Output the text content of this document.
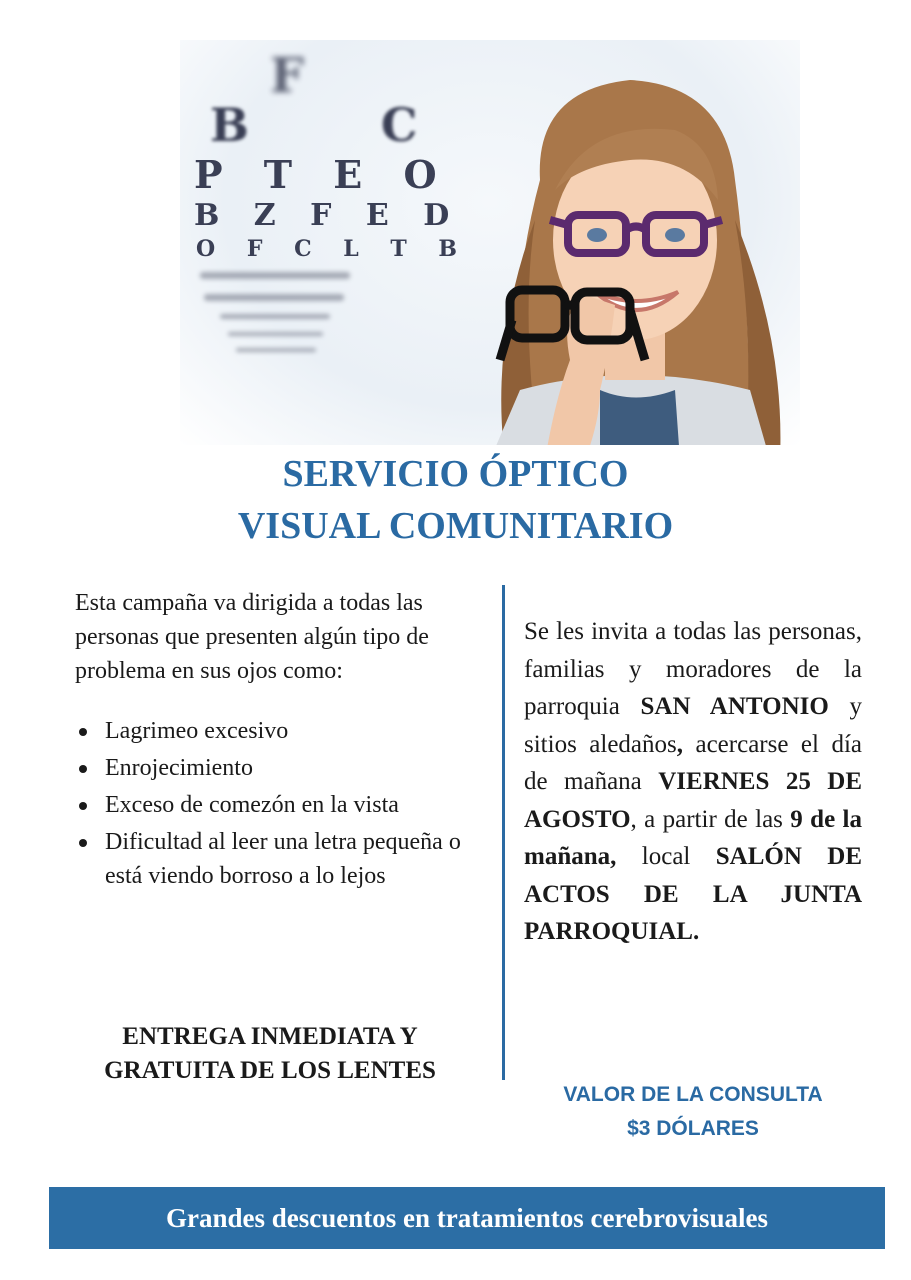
F
B C
P T E O
B Z F E D
O F C L T B
SERVICIO ÓPTICO
VISUAL COMUNITARIO

Esta campaña va dirigida a todas las personas que presenten algún tipo de problema en sus ojos como:

Lagrimeo excesivo
Enrojecimiento
Exceso de comezón en la vista
Dificultad al leer una letra pequeña o está viendo borroso a lo lejos
ENTREGA INMEDIATA Y
GRATUITA DE LOS LENTES

Se les invita a todas las personas, familias y moradores de la parroquia SAN ANTONIO y sitios aledaños, acercarse el día de mañana VIERNES 25 DE AGOSTO, a partir de las 9 de la mañana, local SALÓN DE ACTOS DE LA JUNTA PARROQUIAL.

VALOR DE LA CONSULTA
$3 DÓLARES
Grandes descuentos en tratamientos cerebrovisuales
